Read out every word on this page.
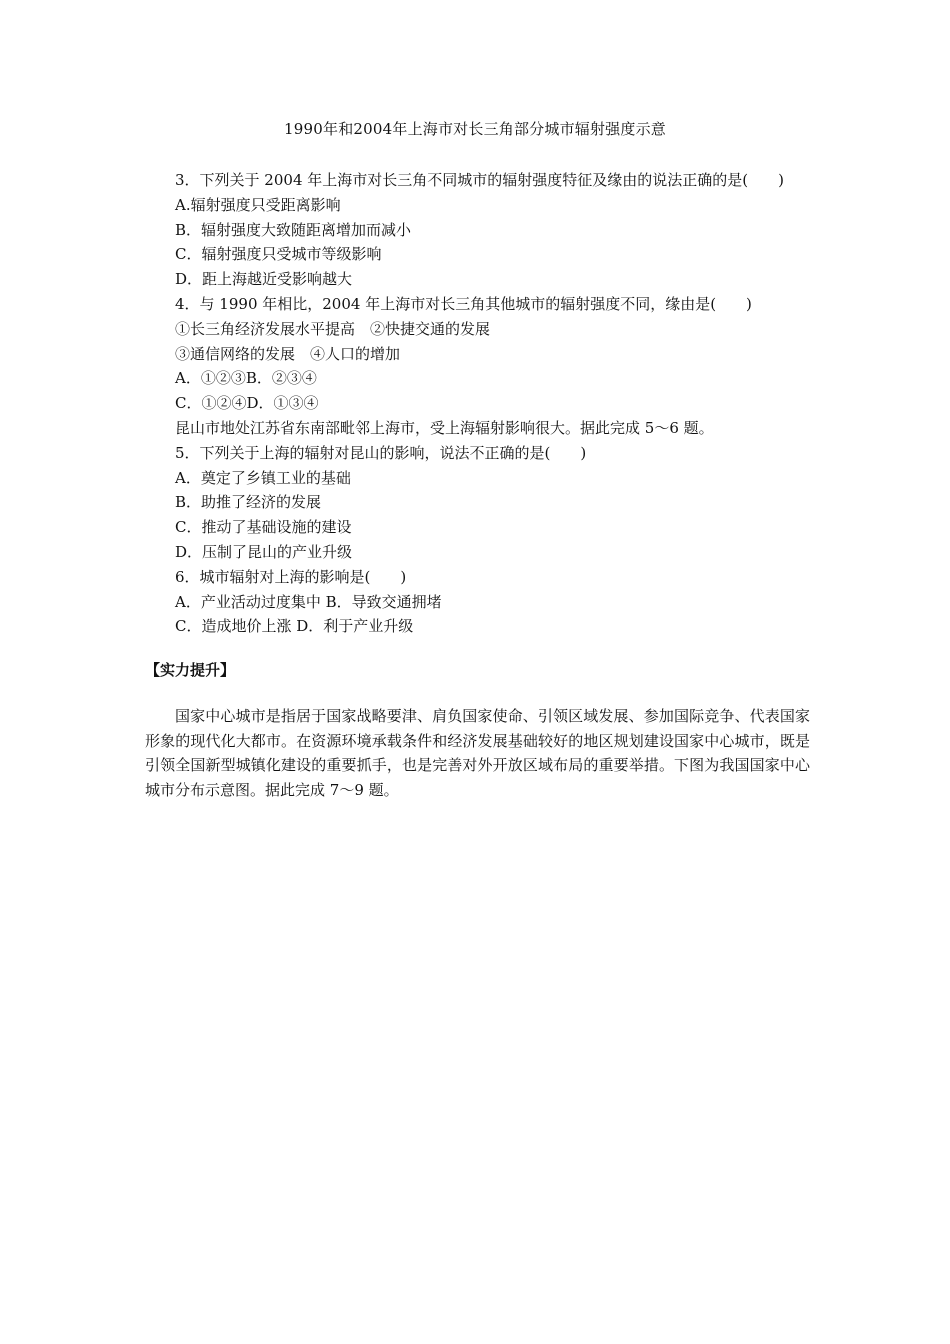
1990年和2004年上海市对长三角部分城市辐射强度示意
3．下列关于 2004 年上海市对长三角不同城市的辐射强度特征及缘由的说法正确的是(　　)
A.辐射强度只受距离影响
B．辐射强度大致随距离增加而减小
C．辐射强度只受城市等级影响
D．距上海越近受影响越大
4．与 1990 年相比，2004 年上海市对长三角其他城市的辐射强度不同，缘由是(　　)
①长三角经济发展水平提高　②快捷交通的发展
③通信网络的发展　④人口的增加
A．①②③B．②③④
C．①②④D．①③④
昆山市地处江苏省东南部毗邻上海市，受上海辐射影响很大。据此完成 5～6 题。
5．下列关于上海的辐射对昆山的影响，说法不正确的是(　　)
A．奠定了乡镇工业的基础
B．助推了经济的发展
C．推动了基础设施的建设
D．压制了昆山的产业升级
6．城市辐射对上海的影响是(　　)
A．产业活动过度集中 B．导致交通拥堵
C．造成地价上涨 D．利于产业升级
【实力提升】
国家中心城市是指居于国家战略要津、肩负国家使命、引领区域发展、参加国际竞争、代表国家形象的现代化大都市。在资源环境承载条件和经济发展基础较好的地区规划建设国家中心城市，既是引领全国新型城镇化建设的重要抓手，也是完善对外开放区域布局的重要举措。下图为我国国家中心城市分布示意图。据此完成 7～9 题。
